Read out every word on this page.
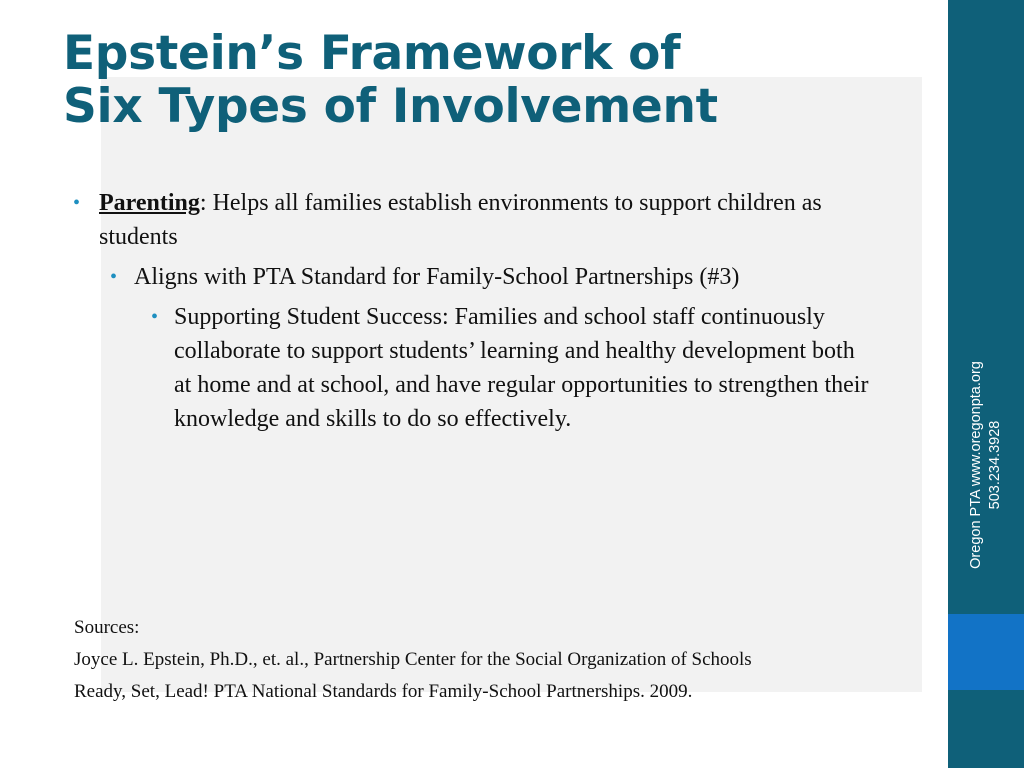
Oregon PTA www.oregonpta.org 503.234.3928
Epstein’s Framework of
Six Types of Involvement

• Parenting: Helps all families establish environments to support children as students

• Aligns with PTA Standard for Family-School Partnerships (#3)

• Supporting Student Success: Families and school staff continuously collaborate to support students’ learning and healthy development both at home and at school, and have regular opportunities to strengthen their knowledge and skills to do so effectively.

Sources:
Joyce L. Epstein, Ph.D., et. al., Partnership Center for the Social Organization of Schools
Ready, Set, Lead! PTA National Standards for Family-School Partnerships. 2009.
